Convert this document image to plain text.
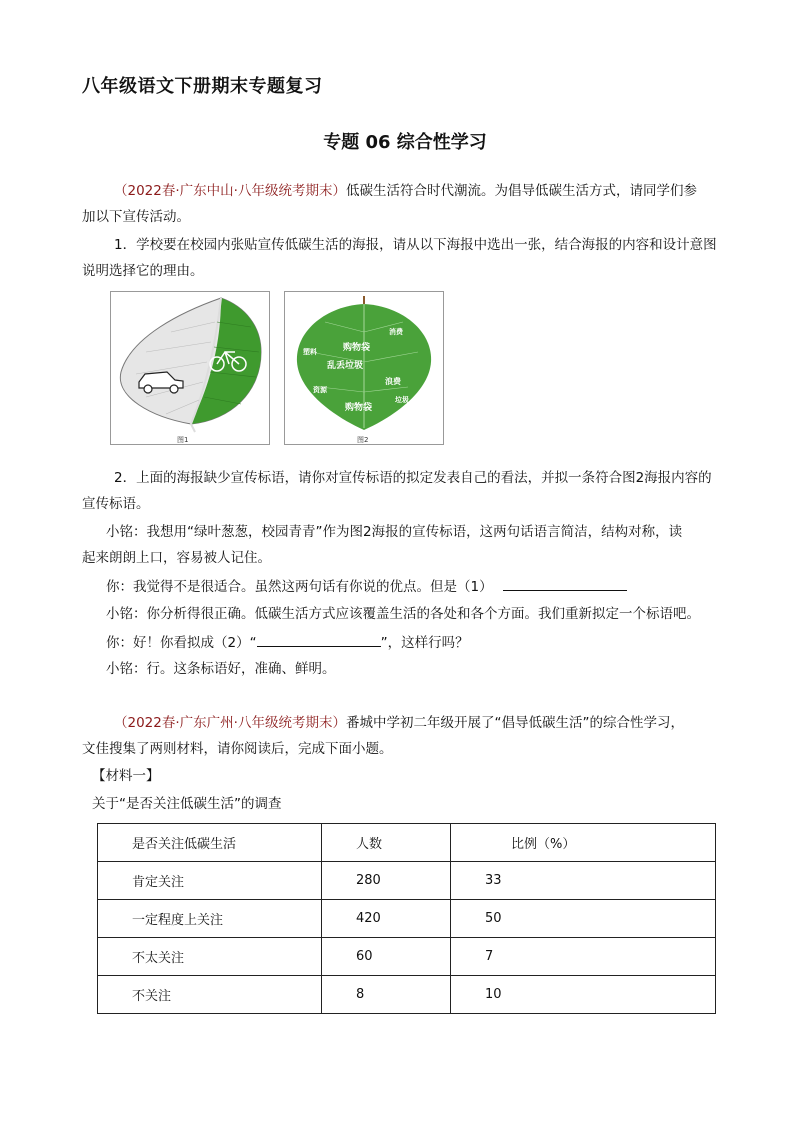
八年级语文下册期末专题复习
专题 06 综合性学习
（2022春·广东中山·八年级统考期末）低碳生活符合时代潮流。为倡导低碳生活方式，请同学们参
加以下宣传活动。
1．学校要在校园内张贴宣传低碳生活的海报，请从以下海报中选出一张，结合海报的内容和设计意图
说明选择它的理由。
图1
购物袋
乱丢垃圾
消费
购物袋
塑料
浪费
资源
垃圾
图2
2．上面的海报缺少宣传标语，请你对宣传标语的拟定发表自己的看法，并拟一条符合图2海报内容的
宣传标语。
小铭：我想用“绿叶葱葱，校园青青”作为图2海报的宣传标语，这两句话语言简洁，结构对称，读
起来朗朗上口，容易被人记住。
你：我觉得不是很适合。虽然这两句话有你说的优点。但是（1）
小铭：你分析得很正确。低碳生活方式应该覆盖生活的各处和各个方面。我们重新拟定一个标语吧。
你：好！你看拟成（2）“	”，这样行吗？
小铭：行。这条标语好，准确、鲜明。
（2022春·广东广州·八年级统考期末）番城中学初二年级开展了“倡导低碳生活”的综合性学习，
文佳搜集了两则材料，请你阅读后，完成下面小题。
【材料一】
关于“是否关注低碳生活”的调查
是否关注低碳生活	人数	比例（%）
肯定关注	280	33
一定程度上关注	420	50
不太关注	60	7
不关注	8	10
